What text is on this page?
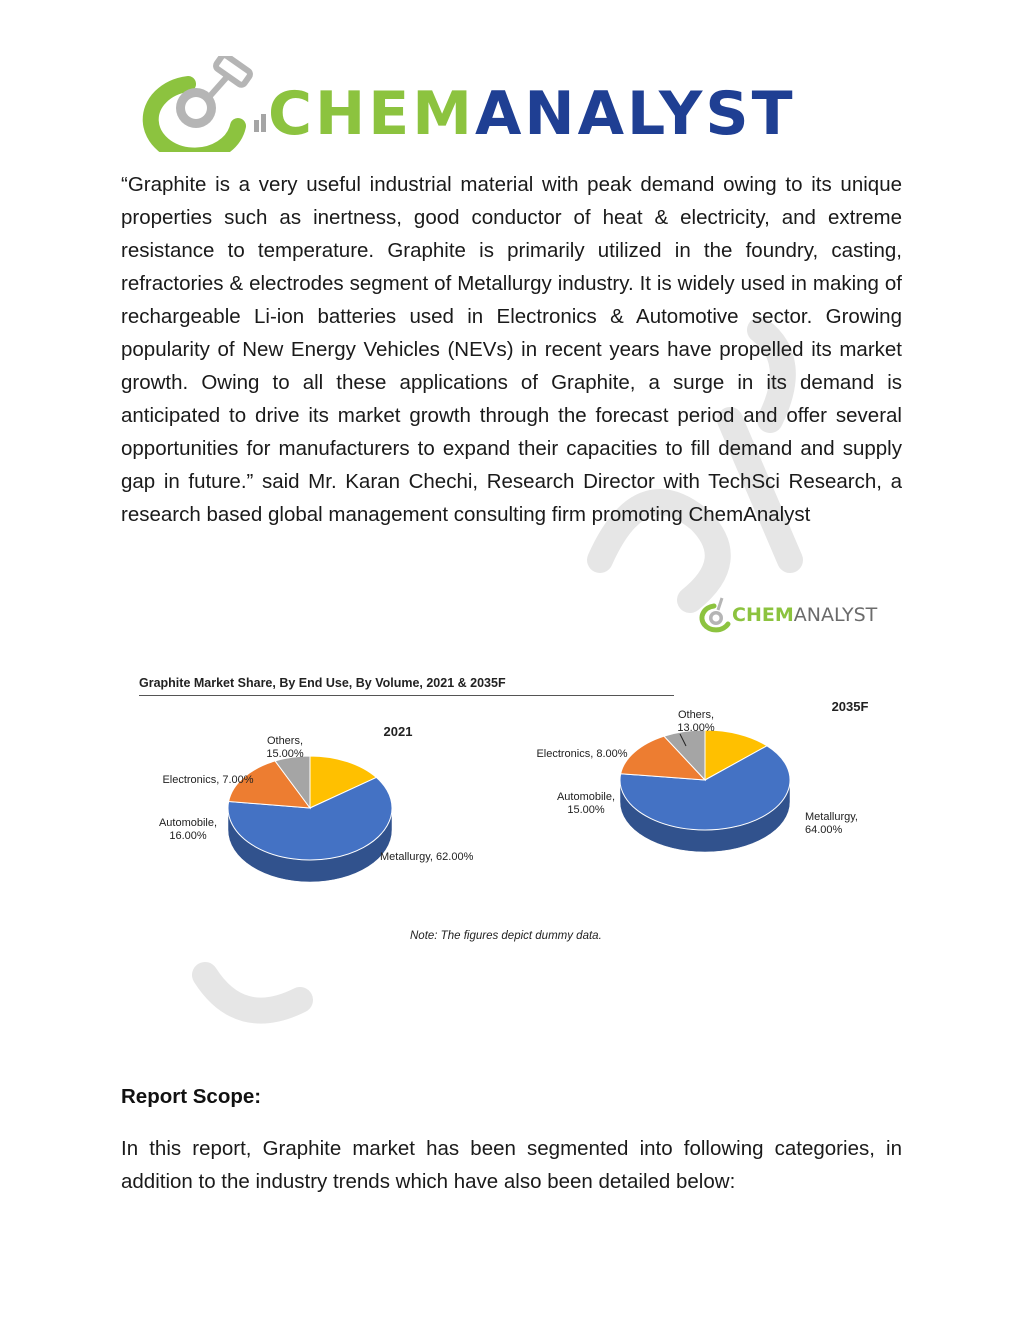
CHEMANALYST

“Graphite is a very useful industrial material with peak demand owing to its unique properties such as inertness, good conductor of heat & electricity, and extreme resistance to temperature. Graphite is primarily utilized in the foundry, casting, refractories & electrodes segment of Metallurgy industry. It is widely used in making of rechargeable Li-ion batteries used in Electronics & Automotive sector. Growing popularity of New Energy Vehicles (NEVs) in recent years have propelled its market growth. Owing to all these applications of Graphite, a surge in its demand is anticipated to drive its market growth through the forecast period and offer several opportunities for manufacturers to expand their capacities to fill demand and supply gap in future.” said Mr. Karan Chechi, Research Director with TechSci Research, a research based global management consulting firm promoting ChemAnalyst

CHEMANALYST
Graphite Market Share, By End Use, By Volume, 2021 & 2035F
2021
Metallurgy, 62.00%
Automobile, 16.00%
Electronics, 7.00%
Others, 15.00%
2035F
Metallurgy, 64.00%
Automobile, 15.00%
Electronics, 8.00%
Others, 13.00%
Note: The figures depict dummy data.
Report Scope:

In this report, Graphite market has been segmented into following categories, in addition to the industry trends which have also been detailed below:
